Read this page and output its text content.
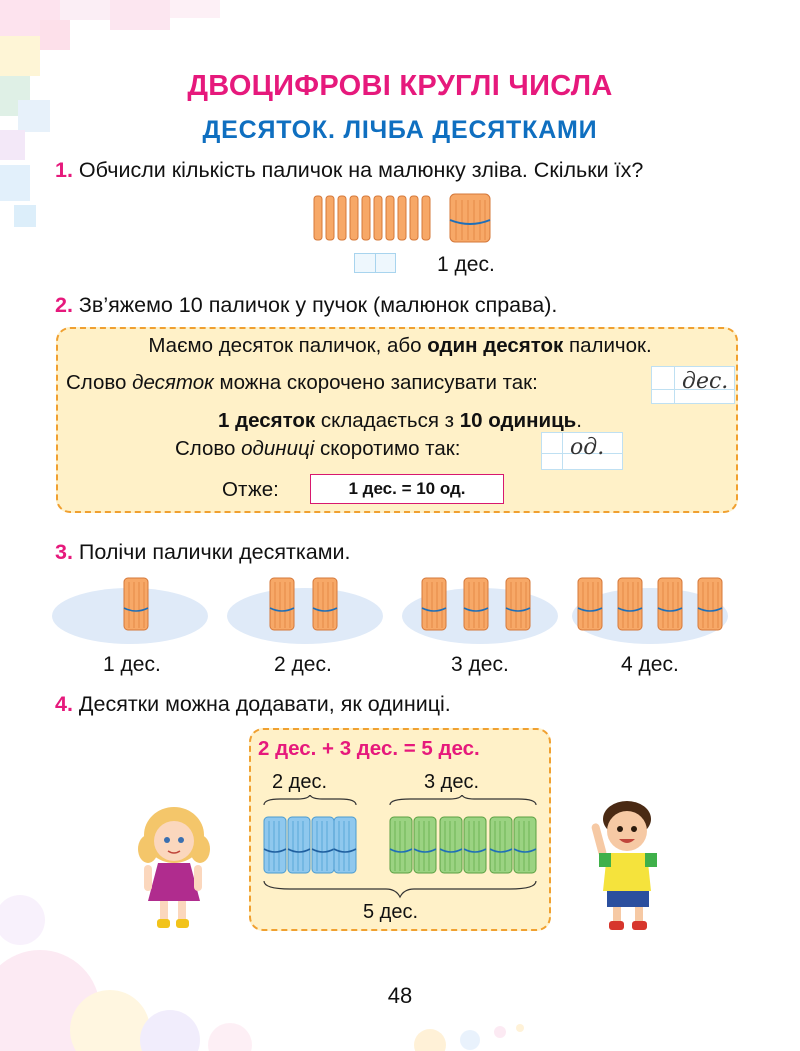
ДВОЦИФРОВІ КРУГЛІ ЧИСЛА
ДЕСЯТОК. ЛІЧБА ДЕСЯТКАМИ
1. Обчисли кількість паличок на малюнку зліва. Скільки їх?
1 дес.
2. Зв’яжемо 10 паличок у пучок (малюнок справа).
Маємо десяток паличок, або один десяток паличок.
Слово десяток можна скорочено записувати так:	дес.
1 десяток складається з 10 одиниць.
Слово одиниці скоротимо так:	од.
Отже:	1 дес. = 10 од.
3. Полічи палички десятками.
1 дес.	2 дес.	3 дес.	4 дес.
4. Десятки можна додавати, як одиниці.
2 дес. + 3 дес. = 5 дес.
2 дес.	3 дес.
5 дес.
48
